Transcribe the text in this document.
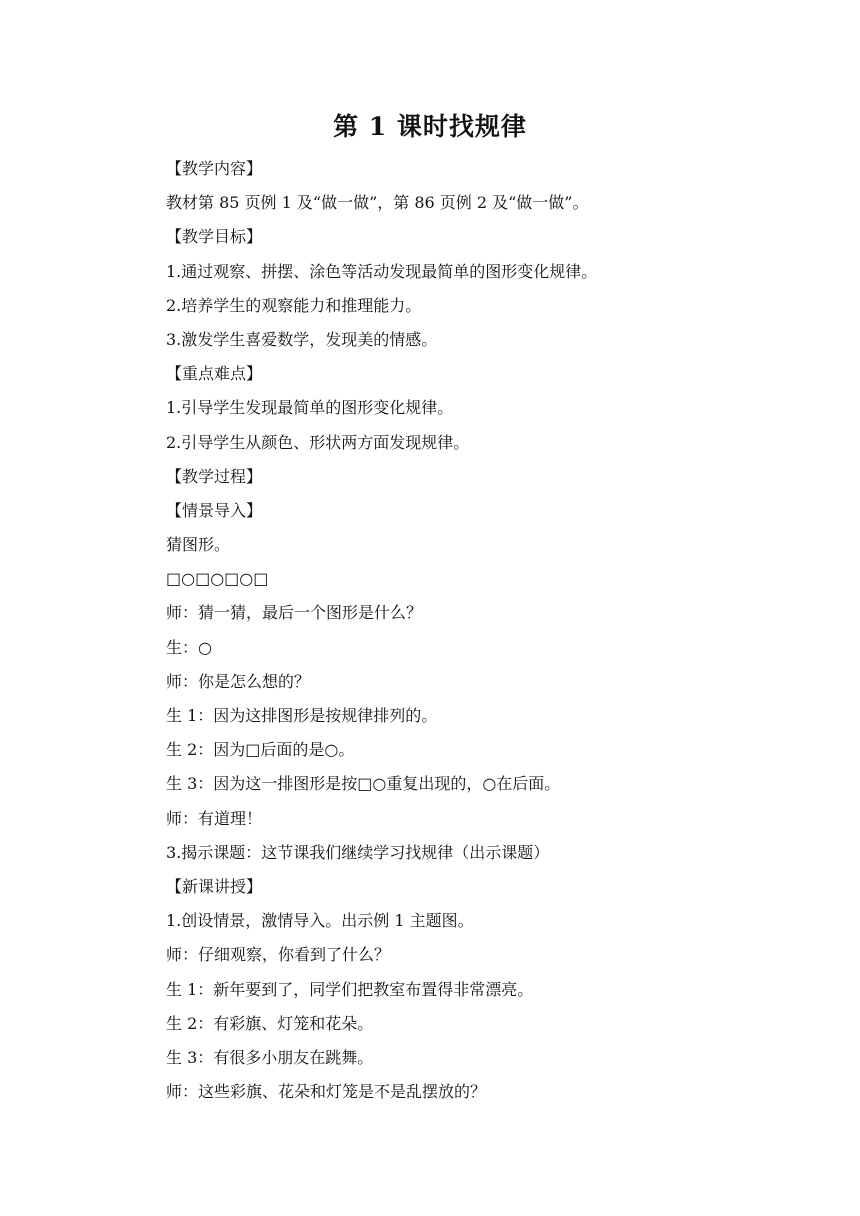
第 1 课时找规律
【教学内容】
教材第 85 页例 1 及“做一做”，第 86 页例 2 及“做一做”。
【教学目标】
1.通过观察、拼摆、涂色等活动发现最简单的图形变化规律。
2.培养学生的观察能力和推理能力。
3.激发学生喜爱数学，发现美的情感。
【重点难点】
1.引导学生发现最简单的图形变化规律。
2.引导学生从颜色、形状两方面发现规律。
【教学过程】
【情景导入】
猜图形。
□○□○□○□
师：猜一猜，最后一个图形是什么？
生：○
师：你是怎么想的？
生 1：因为这排图形是按规律排列的。
生 2：因为□后面的是○。
生 3：因为这一排图形是按□○重复出现的，○在后面。
师：有道理！
3.揭示课题：这节课我们继续学习找规律（出示课题）
【新课讲授】
1.创设情景，激情导入。出示例 1 主题图。
师：仔细观察，你看到了什么？
生 1：新年要到了，同学们把教室布置得非常漂亮。
生 2：有彩旗、灯笼和花朵。
生 3：有很多小朋友在跳舞。
师：这些彩旗、花朵和灯笼是不是乱摆放的？
